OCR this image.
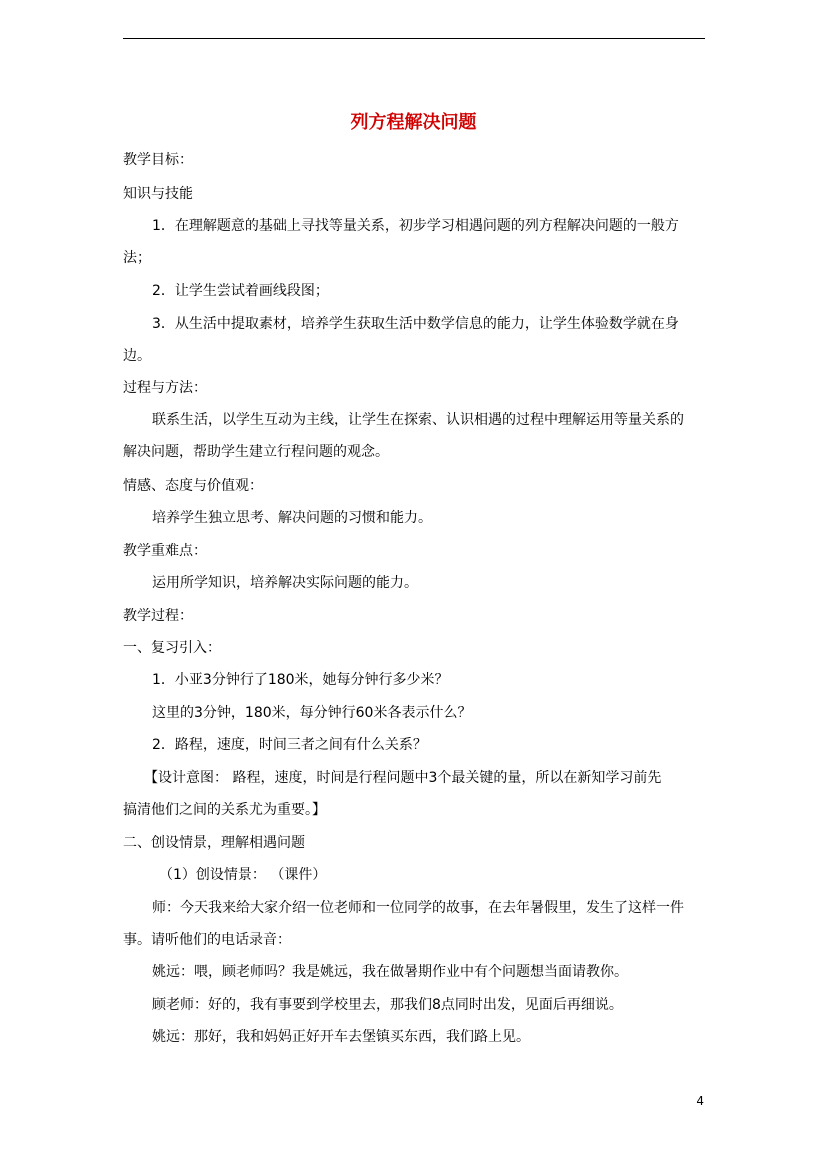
列方程解决问题

教学目标：

知识与技能

1．在理解题意的基础上寻找等量关系，初步学习相遇问题的列方程解决问题的一般方

法；

2．让学生尝试着画线段图；

3．从生活中提取素材，培养学生获取生活中数学信息的能力，让学生体验数学就在身

边。

过程与方法：

联系生活，以学生互动为主线，让学生在探索、认识相遇的过程中理解运用等量关系的

解决问题，帮助学生建立行程问题的观念。

情感、态度与价值观：

培养学生独立思考、解决问题的习惯和能力。

教学重难点：

运用所学知识，培养解决实际问题的能力。

教学过程：

一、复习引入：

1．小亚3分钟行了180米，她每分钟行多少米？

这里的3分钟，180米，每分钟行60米各表示什么？

2．路程，速度，时间三者之间有什么关系？

【设计意图： 路程，速度，时间是行程问题中3个最关键的量，所以在新知学习前先

搞清他们之间的关系尤为重要。】

二、创设情景，理解相遇问题

（1）创设情景： （课件）

师：今天我来给大家介绍一位老师和一位同学的故事，在去年暑假里，发生了这样一件

事。请听他们的电话录音：

姚远：喂，顾老师吗？我是姚远，我在做暑期作业中有个问题想当面请教你。

顾老师：好的，我有事要到学校里去，那我们8点同时出发，见面后再细说。

姚远：那好，我和妈妈正好开车去堡镇买东西，我们路上见。

4
